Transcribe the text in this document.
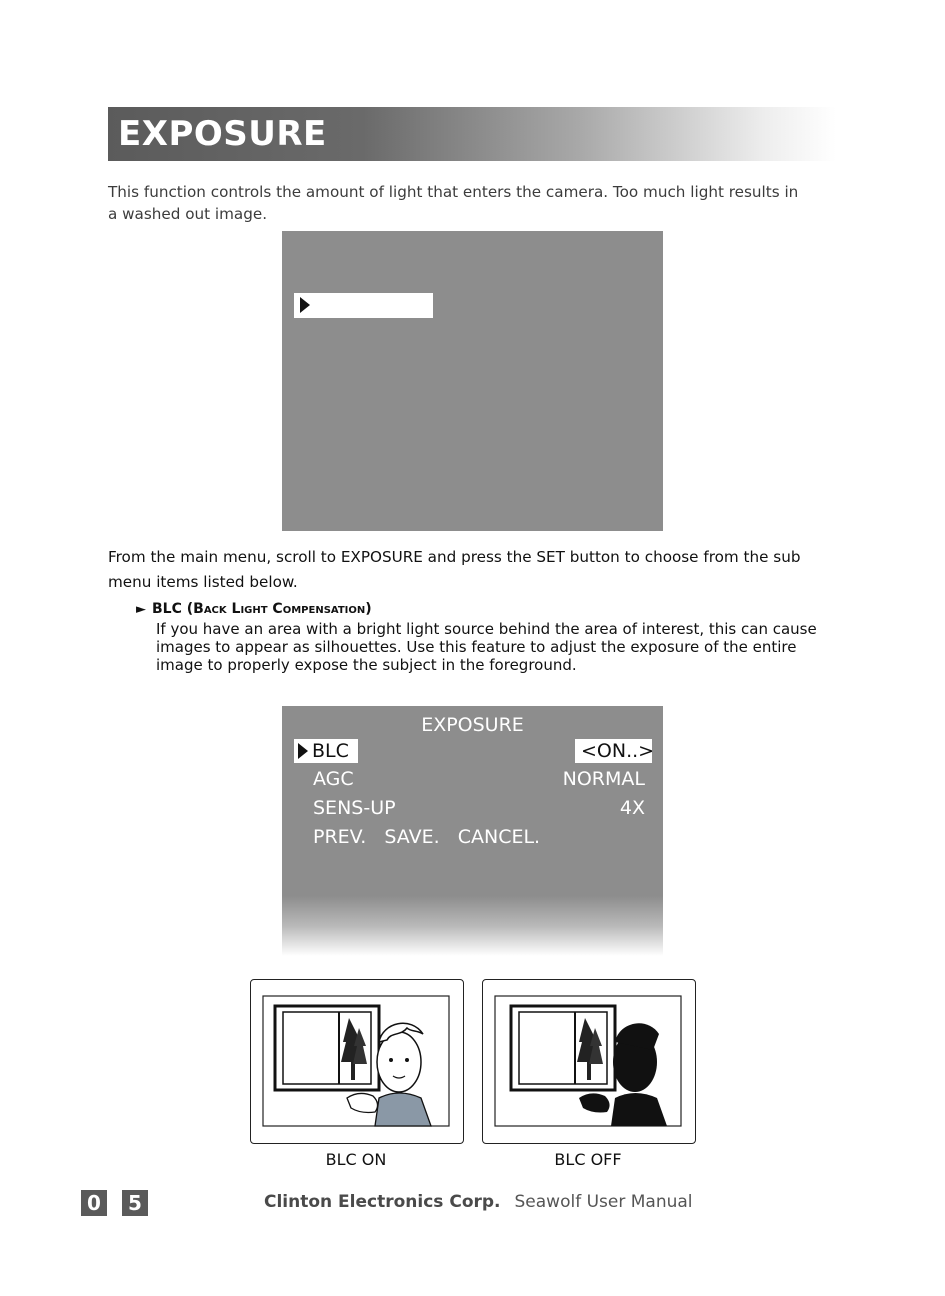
EXPOSURE
This function controls the amount of light that enters the camera. Too much light results in a washed out image.
From the main menu, scroll to EXPOSURE and press the SET button to choose from the sub menu items listed below.
► BLC (Back Light Compensation)
If you have an area with a bright light source behind the area of interest, this can cause images to appear as silhouettes. Use this feature to adjust the exposure of the entire image to properly expose the subject in the foreground.
EXPOSURE
BLC	<ON..>
AGC	NORMAL
SENS-UP	4X
PREV.   SAVE.   CANCEL.
BLC ON	BLC OFF
0	5	Clinton Electronics Corp. Seawolf User Manual
